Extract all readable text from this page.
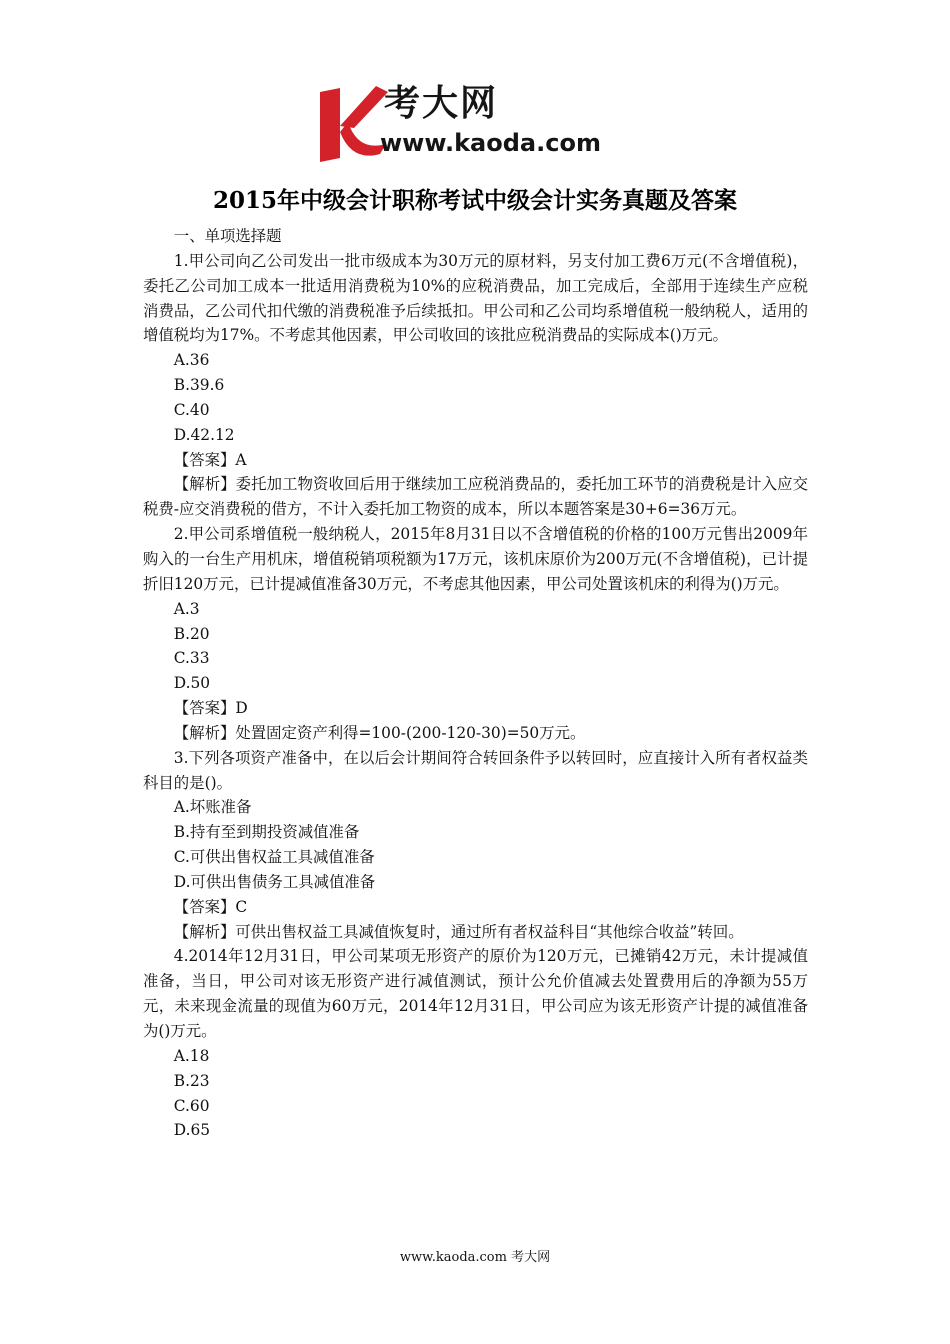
考大网
www.kaoda.com
2015年中级会计职称考试中级会计实务真题及答案

一、单项选择题

1.甲公司向乙公司发出一批市级成本为30万元的原材料，另支付加工费6万元(不含增值税)，委托乙公司加工成本一批适用消费税为10%的应税消费品，加工完成后，全部用于连续生产应税消费品，乙公司代扣代缴的消费税准予后续抵扣。甲公司和乙公司均系增值税一般纳税人，适用的增值税均为17%。不考虑其他因素，甲公司收回的该批应税消费品的实际成本()万元。

A.36

B.39.6

C.40

D.42.12

【答案】A

【解析】委托加工物资收回后用于继续加工应税消费品的，委托加工环节的消费税是计入应交税费-应交消费税的借方，不计入委托加工物资的成本，所以本题答案是30+6=36万元。

2.甲公司系增值税一般纳税人，2015年8月31日以不含增值税的价格的100万元售出2009年购入的一台生产用机床，增值税销项税额为17万元，该机床原价为200万元(不含增值税)，已计提折旧120万元，已计提减值准备30万元，不考虑其他因素，甲公司处置该机床的利得为()万元。

A.3

B.20

C.33

D.50

【答案】D

【解析】处置固定资产利得=100-(200-120-30)=50万元。

3.下列各项资产准备中，在以后会计期间符合转回条件予以转回时，应直接计入所有者权益类科目的是()。

A.坏账准备

B.持有至到期投资减值准备

C.可供出售权益工具减值准备

D.可供出售债务工具减值准备

【答案】C

【解析】可供出售权益工具减值恢复时，通过所有者权益科目“其他综合收益”转回。

4.2014年12月31日，甲公司某项无形资产的原价为120万元，已摊销42万元，未计提减值准备，当日，甲公司对该无形资产进行减值测试，预计公允价值减去处置费用后的净额为55万元，未来现金流量的现值为60万元，2014年12月31日，甲公司应为该无形资产计提的减值准备为()万元。

A.18

B.23

C.60

D.65

www.kaoda.com 考大网
